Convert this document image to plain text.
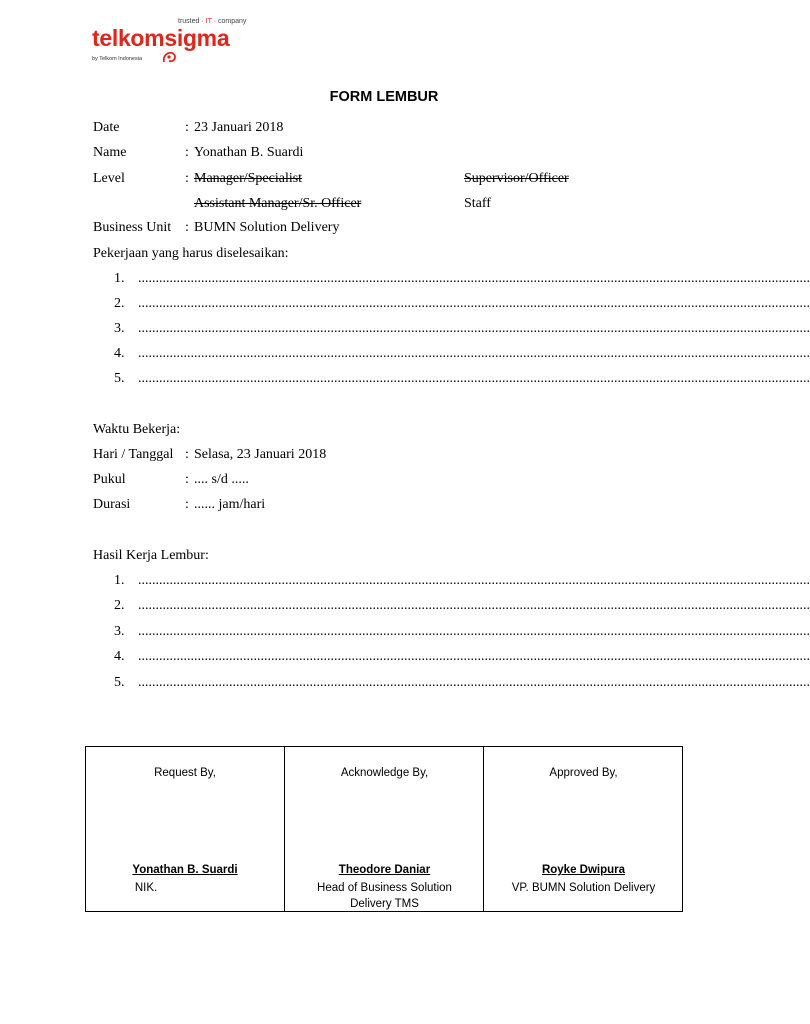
trusted · IT · company
telkomsigma
by Telkom Indonesia
FORM LEMBUR
Date	: 23 Januari 2018
Name	: Yonathan B. Suardi
Level	: Manager/Specialist	Supervisor/Officer
Assistant Manager/Sr. Officer	Staff
Business Unit : BUMN Solution Delivery
Pekerjaan yang harus diselesaikan:
1. ................................................................................................................................................................................................
2. ................................................................................................................................................................................................
3. ................................................................................................................................................................................................
4. ................................................................................................................................................................................................
5. ................................................................................................................................................................................................
Waktu Bekerja:
Hari / Tanggal : Selasa, 23 Januari 2018
Pukul	: .... s/d .....
Durasi	: ...... jam/hari
Hasil Kerja Lembur:
1. ................................................................................................................................................................................................
2. ................................................................................................................................................................................................
3. ................................................................................................................................................................................................
4. ................................................................................................................................................................................................
5. ................................................................................................................................................................................................
Request By,
Yonathan B. Suardi
NIK.
Acknowledge By,
Theodore Daniar
Head of Business Solution Delivery TMS
Approved By,
Royke Dwipura
VP. BUMN Solution Delivery
